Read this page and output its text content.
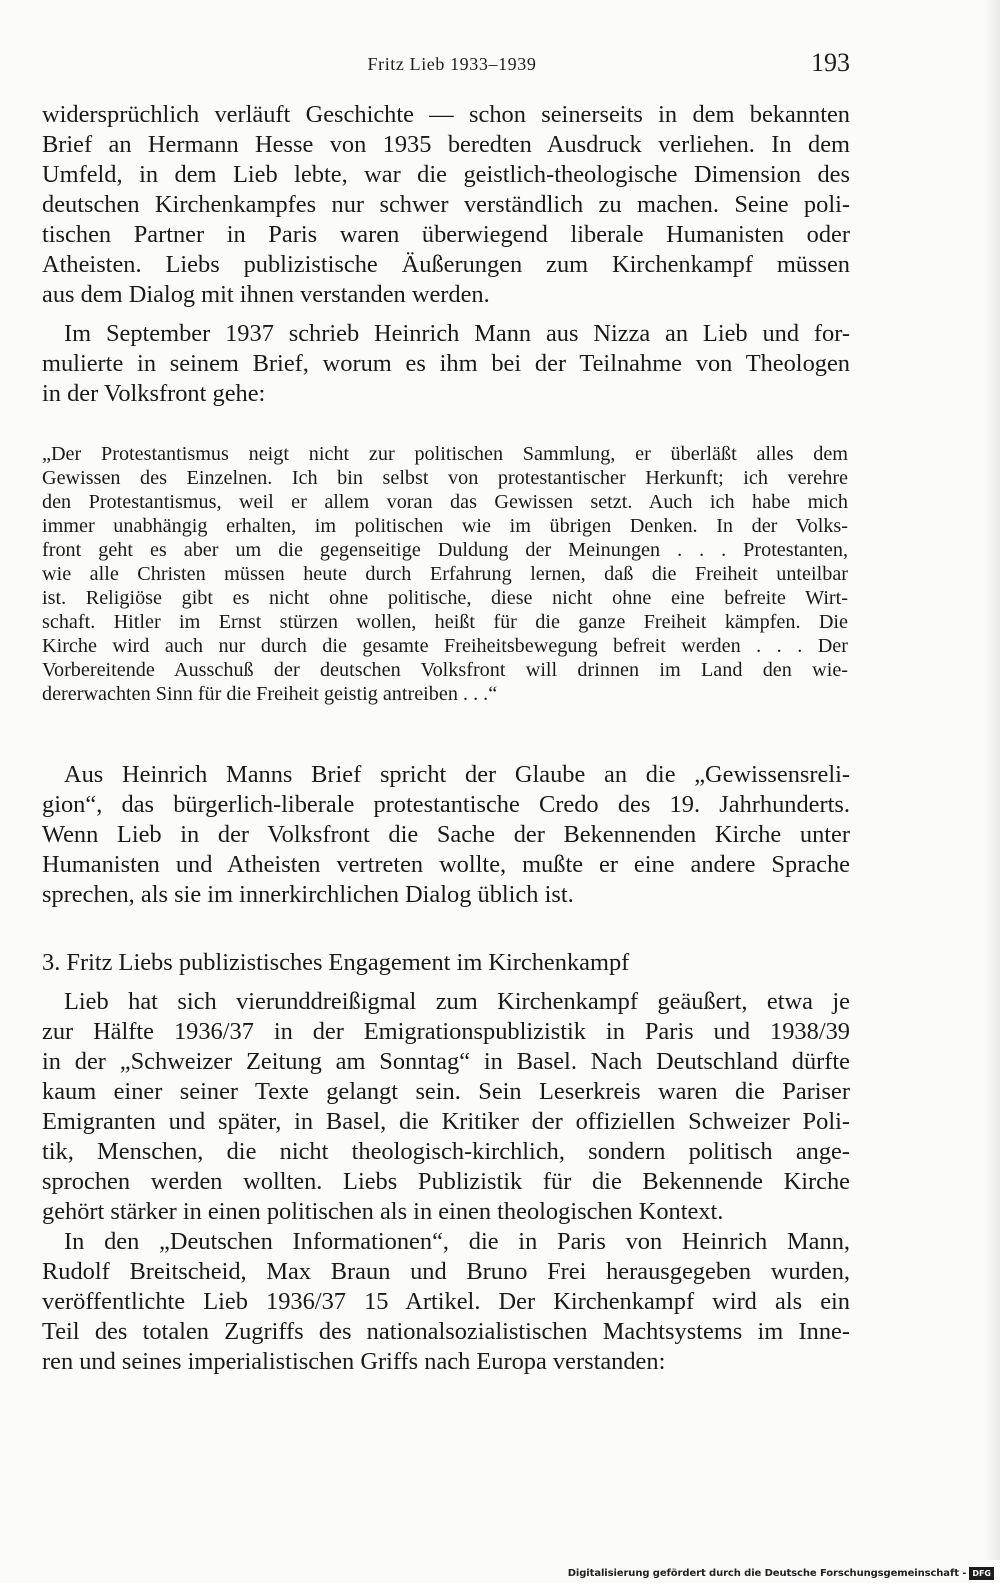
Fritz Lieb 1933–1939	193
widersprüchlich verläuft Geschichte — schon seinerseits in dem bekannten
Brief an Hermann Hesse von 1935 beredten Ausdruck verliehen. In dem
Umfeld, in dem Lieb lebte, war die geistlich-theologische Dimension des
deutschen Kirchenkampfes nur schwer verständlich zu machen. Seine poli-
tischen Partner in Paris waren überwiegend liberale Humanisten oder
Atheisten. Liebs publizistische Äußerungen zum Kirchenkampf müssen
aus dem Dialog mit ihnen verstanden werden.
Im September 1937 schrieb Heinrich Mann aus Nizza an Lieb und for-
mulierte in seinem Brief, worum es ihm bei der Teilnahme von Theologen
in der Volksfront gehe:
„Der Protestantismus neigt nicht zur politischen Sammlung, er überläßt alles dem
Gewissen des Einzelnen. Ich bin selbst von protestantischer Herkunft; ich verehre
den Protestantismus, weil er allem voran das Gewissen setzt. Auch ich habe mich
immer unabhängig erhalten, im politischen wie im übrigen Denken. In der Volks-
front geht es aber um die gegenseitige Duldung der Meinungen . . . Protestanten,
wie alle Christen müssen heute durch Erfahrung lernen, daß die Freiheit unteilbar
ist. Religiöse gibt es nicht ohne politische, diese nicht ohne eine befreite Wirt-
schaft. Hitler im Ernst stürzen wollen, heißt für die ganze Freiheit kämpfen. Die
Kirche wird auch nur durch die gesamte Freiheitsbewegung befreit werden . . . Der
Vorbereitende Ausschuß der deutschen Volksfront will drinnen im Land den wie-
dererwachten Sinn für die Freiheit geistig antreiben . . .“
Aus Heinrich Manns Brief spricht der Glaube an die „Gewissensreli-
gion“, das bürgerlich-liberale protestantische Credo des 19. Jahrhunderts.
Wenn Lieb in der Volksfront die Sache der Bekennenden Kirche unter
Humanisten und Atheisten vertreten wollte, mußte er eine andere Sprache
sprechen, als sie im innerkirchlichen Dialog üblich ist.
3. Fritz Liebs publizistisches Engagement im Kirchenkampf
Lieb hat sich vierunddreißigmal zum Kirchenkampf geäußert, etwa je
zur Hälfte 1936/37 in der Emigrationspublizistik in Paris und 1938/39
in der „Schweizer Zeitung am Sonntag“ in Basel. Nach Deutschland dürfte
kaum einer seiner Texte gelangt sein. Sein Leserkreis waren die Pariser
Emigranten und später, in Basel, die Kritiker der offiziellen Schweizer Poli-
tik, Menschen, die nicht theologisch-kirchlich, sondern politisch ange-
sprochen werden wollten. Liebs Publizistik für die Bekennende Kirche
gehört stärker in einen politischen als in einen theologischen Kontext.
In den „Deutschen Informationen“, die in Paris von Heinrich Mann,
Rudolf Breitscheid, Max Braun und Bruno Frei herausgegeben wurden,
veröffentlichte Lieb 1936/37 15 Artikel. Der Kirchenkampf wird als ein
Teil des totalen Zugriffs des nationalsozialistischen Machtsystems im Inne-
ren und seines imperialistischen Griffs nach Europa verstanden:
Digitalisierung gefördert durch die Deutsche Forschungsgemeinschaft - DFG
